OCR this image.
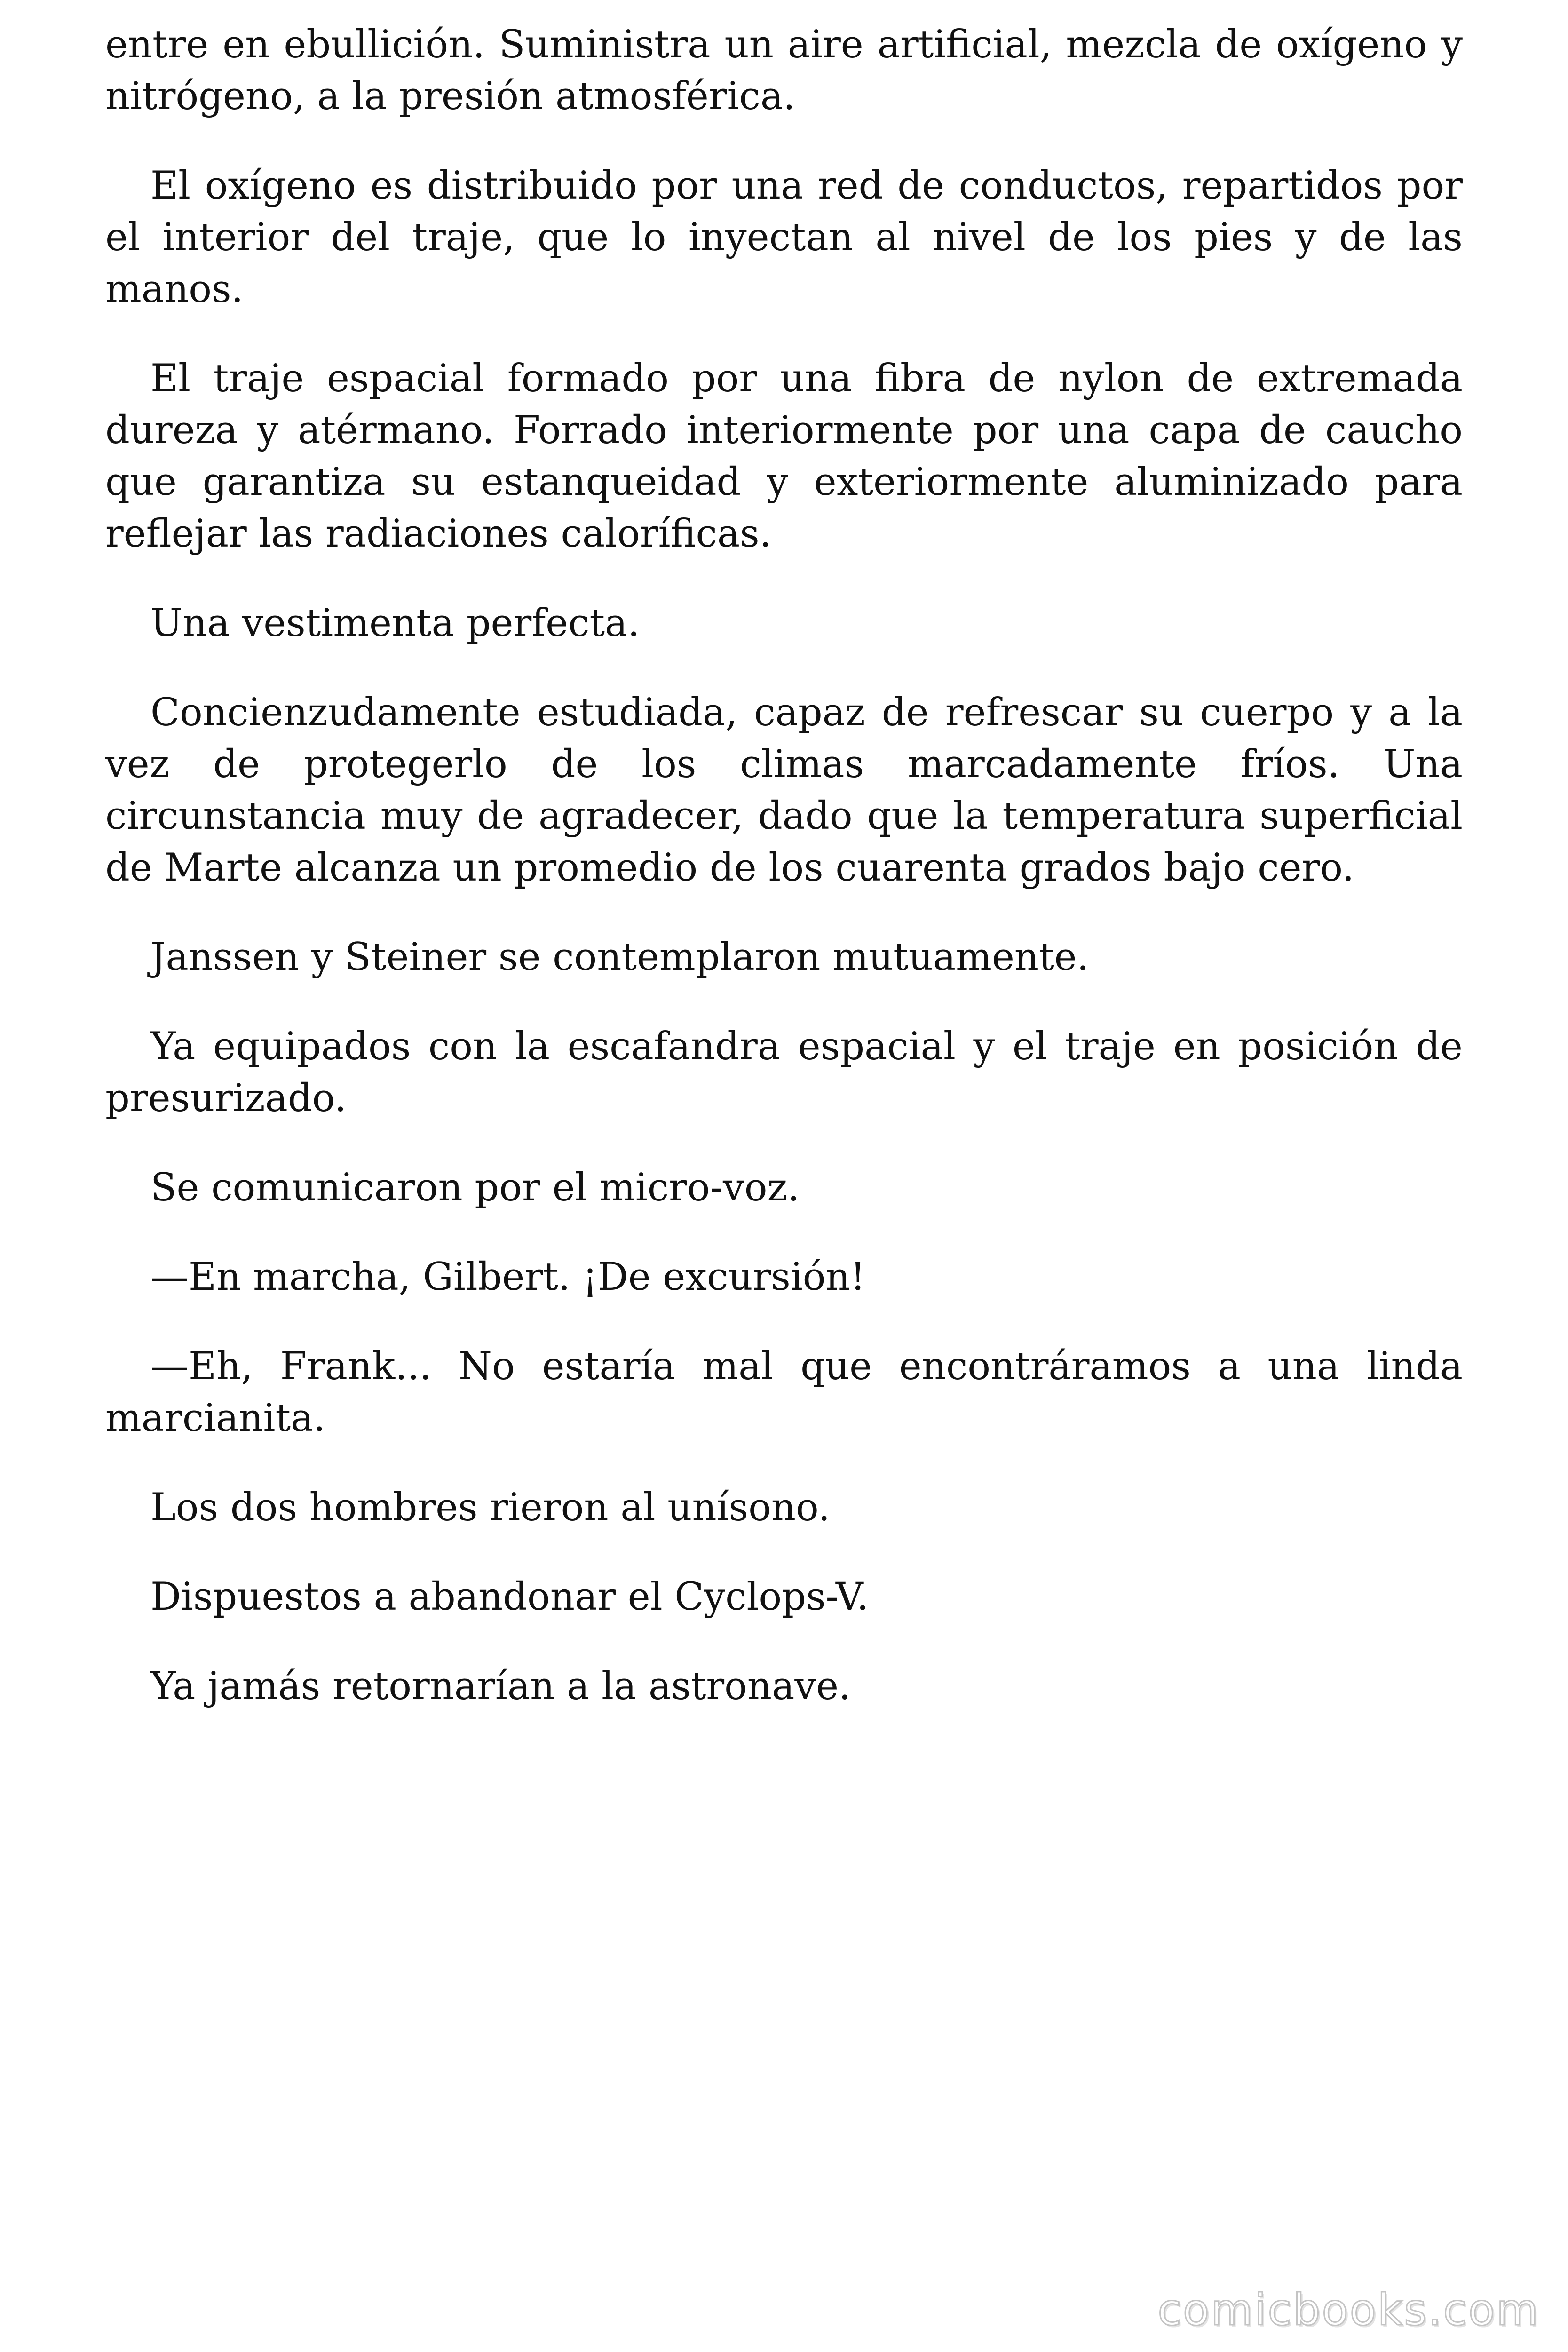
entre en ebullición. Suministra un aire artificial, mezcla de oxígeno y nitrógeno, a la presión atmosférica.

El oxígeno es distribuido por una red de conductos, repartidos por el interior del traje, que lo inyectan al nivel de los pies y de las manos.

El traje espacial formado por una fibra de nylon de extremada dureza y atérmano. Forrado interiormente por una capa de caucho que garantiza su estanqueidad y exteriormente aluminizado para reflejar las radiaciones caloríficas.

Una vestimenta perfecta.

Concienzudamente estudiada, capaz de refrescar su cuerpo y a la vez de protegerlo de los climas marcadamente fríos. Una circunstancia muy de agradecer, dado que la temperatura superficial de Marte alcanza un promedio de los cuarenta grados bajo cero.

Janssen y Steiner se contemplaron mutuamente.

Ya equipados con la escafandra espacial y el traje en posición de presurizado.

Se comunicaron por el micro-voz.

—En marcha, Gilbert. ¡De excursión!

—Eh, Frank... No estaría mal que encontráramos a una linda marcianita.

Los dos hombres rieron al unísono.

Dispuestos a abandonar el Cyclops-V.

Ya jamás retornarían a la astronave.

comicbooks.com
